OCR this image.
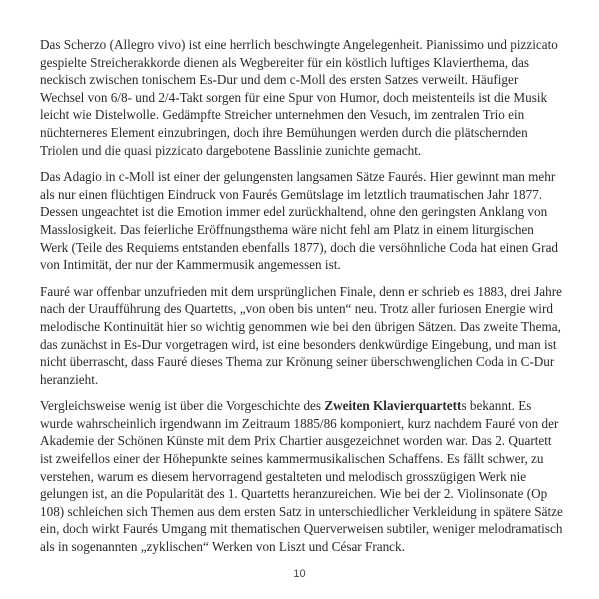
Das Scherzo (Allegro vivo) ist eine herrlich beschwingte Angelegenheit. Pianissimo und pizzicato gespielte Streicherakkorde dienen als Wegbereiter für ein köstlich luftiges Klavierthema, das neckisch zwischen tonischem Es-Dur und dem c-Moll des ersten Satzes verweilt. Häufiger Wechsel von 6/8- und 2/4-Takt sorgen für eine Spur von Humor, doch meistenteils ist die Musik leicht wie Distelwolle. Gedämpfte Streicher unternehmen den Vesuch, im zentralen Trio ein nüchterneres Element einzubringen, doch ihre Bemühungen werden durch die plätschernden Triolen und die quasi pizzicato dargebotene Basslinie zunichte gemacht.

Das Adagio in c-Moll ist einer der gelungensten langsamen Sätze Faurés. Hier gewinnt man mehr als nur einen flüchtigen Eindruck von Faurés Gemütslage im letztlich traumatischen Jahr 1877. Dessen ungeachtet ist die Emotion immer edel zurückhaltend, ohne den geringsten Anklang von Masslosigkeit. Das feierliche Eröffnungsthema wäre nicht fehl am Platz in einem liturgischen Werk (Teile des Requiems entstanden ebenfalls 1877), doch die versöhnliche Coda hat einen Grad von Intimität, der nur der Kammermusik angemessen ist.

Fauré war offenbar unzufrieden mit dem ursprünglichen Finale, denn er schrieb es 1883, drei Jahre nach der Uraufführung des Quartetts, „von oben bis unten“ neu. Trotz aller furiosen Energie wird melodische Kontinuität hier so wichtig genommen wie bei den übrigen Sätzen. Das zweite Thema, das zunächst in Es-Dur vorgetragen wird, ist eine besonders denkwürdige Eingebung, und man ist nicht überrascht, dass Fauré dieses Thema zur Krönung seiner überschwenglichen Coda in C-Dur heranzieht.

Vergleichsweise wenig ist über die Vorgeschichte des Zweiten Klavierquartetts bekannt. Es wurde wahrscheinlich irgendwann im Zeitraum 1885/86 komponiert, kurz nachdem Fauré von der Akademie der Schönen Künste mit dem Prix Chartier ausgezeichnet worden war. Das 2. Quartett ist zweifellos einer der Höhepunkte seines kammermusikalischen Schaffens. Es fällt schwer, zu verstehen, warum es diesem hervorragend gestalteten und melodisch grosszügigen Werk nie gelungen ist, an die Popularität des 1. Quartetts heranzureichen. Wie bei der 2. Violinsonate (Op 108) schleichen sich Themen aus dem ersten Satz in unterschiedlicher Verkleidung in spätere Sätze ein, doch wirkt Faurés Umgang mit thematischen Querverweisen subtiler, weniger melodramatisch als in sogenannten „zyklischen“ Werken von Liszt und César Franck.

10
